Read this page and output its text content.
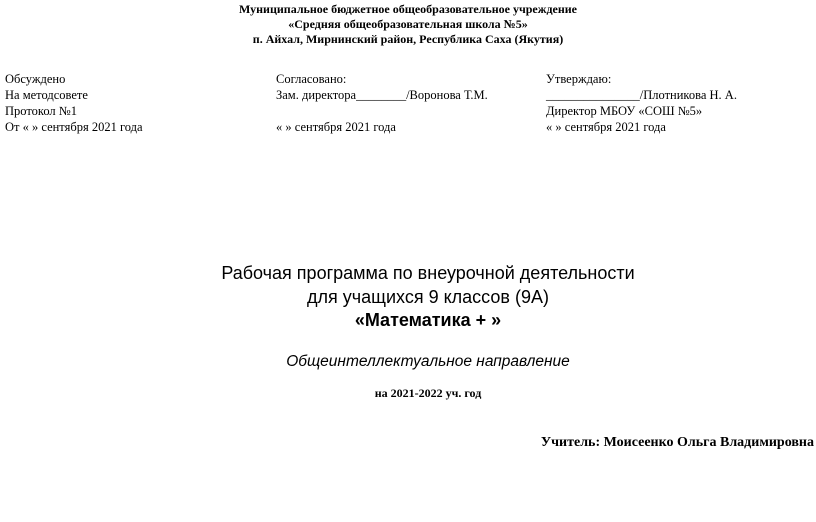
Муниципальное бюджетное общеобразовательное учреждение
«Средняя общеобразовательная школа №5»
п. Айхал, Мирнинский район, Республика Саха (Якутия)
Обсуждено
На методсовете
Протокол №1
От « » сентября 2021 года
Согласовано:
Зам. директора________/Воронова Т.М.
« » сентября 2021 года
Утверждаю:
_______________/Плотникова Н. А.
Директор МБОУ «СОШ №5»
« » сентября 2021 года
Рабочая программа по внеурочной деятельности
для учащихся 9 классов (9А)
«Математика + »
Общеинтеллектуальное направление
на 2021-2022 уч. год
Учитель: Моисеенко Ольга Владимировна
